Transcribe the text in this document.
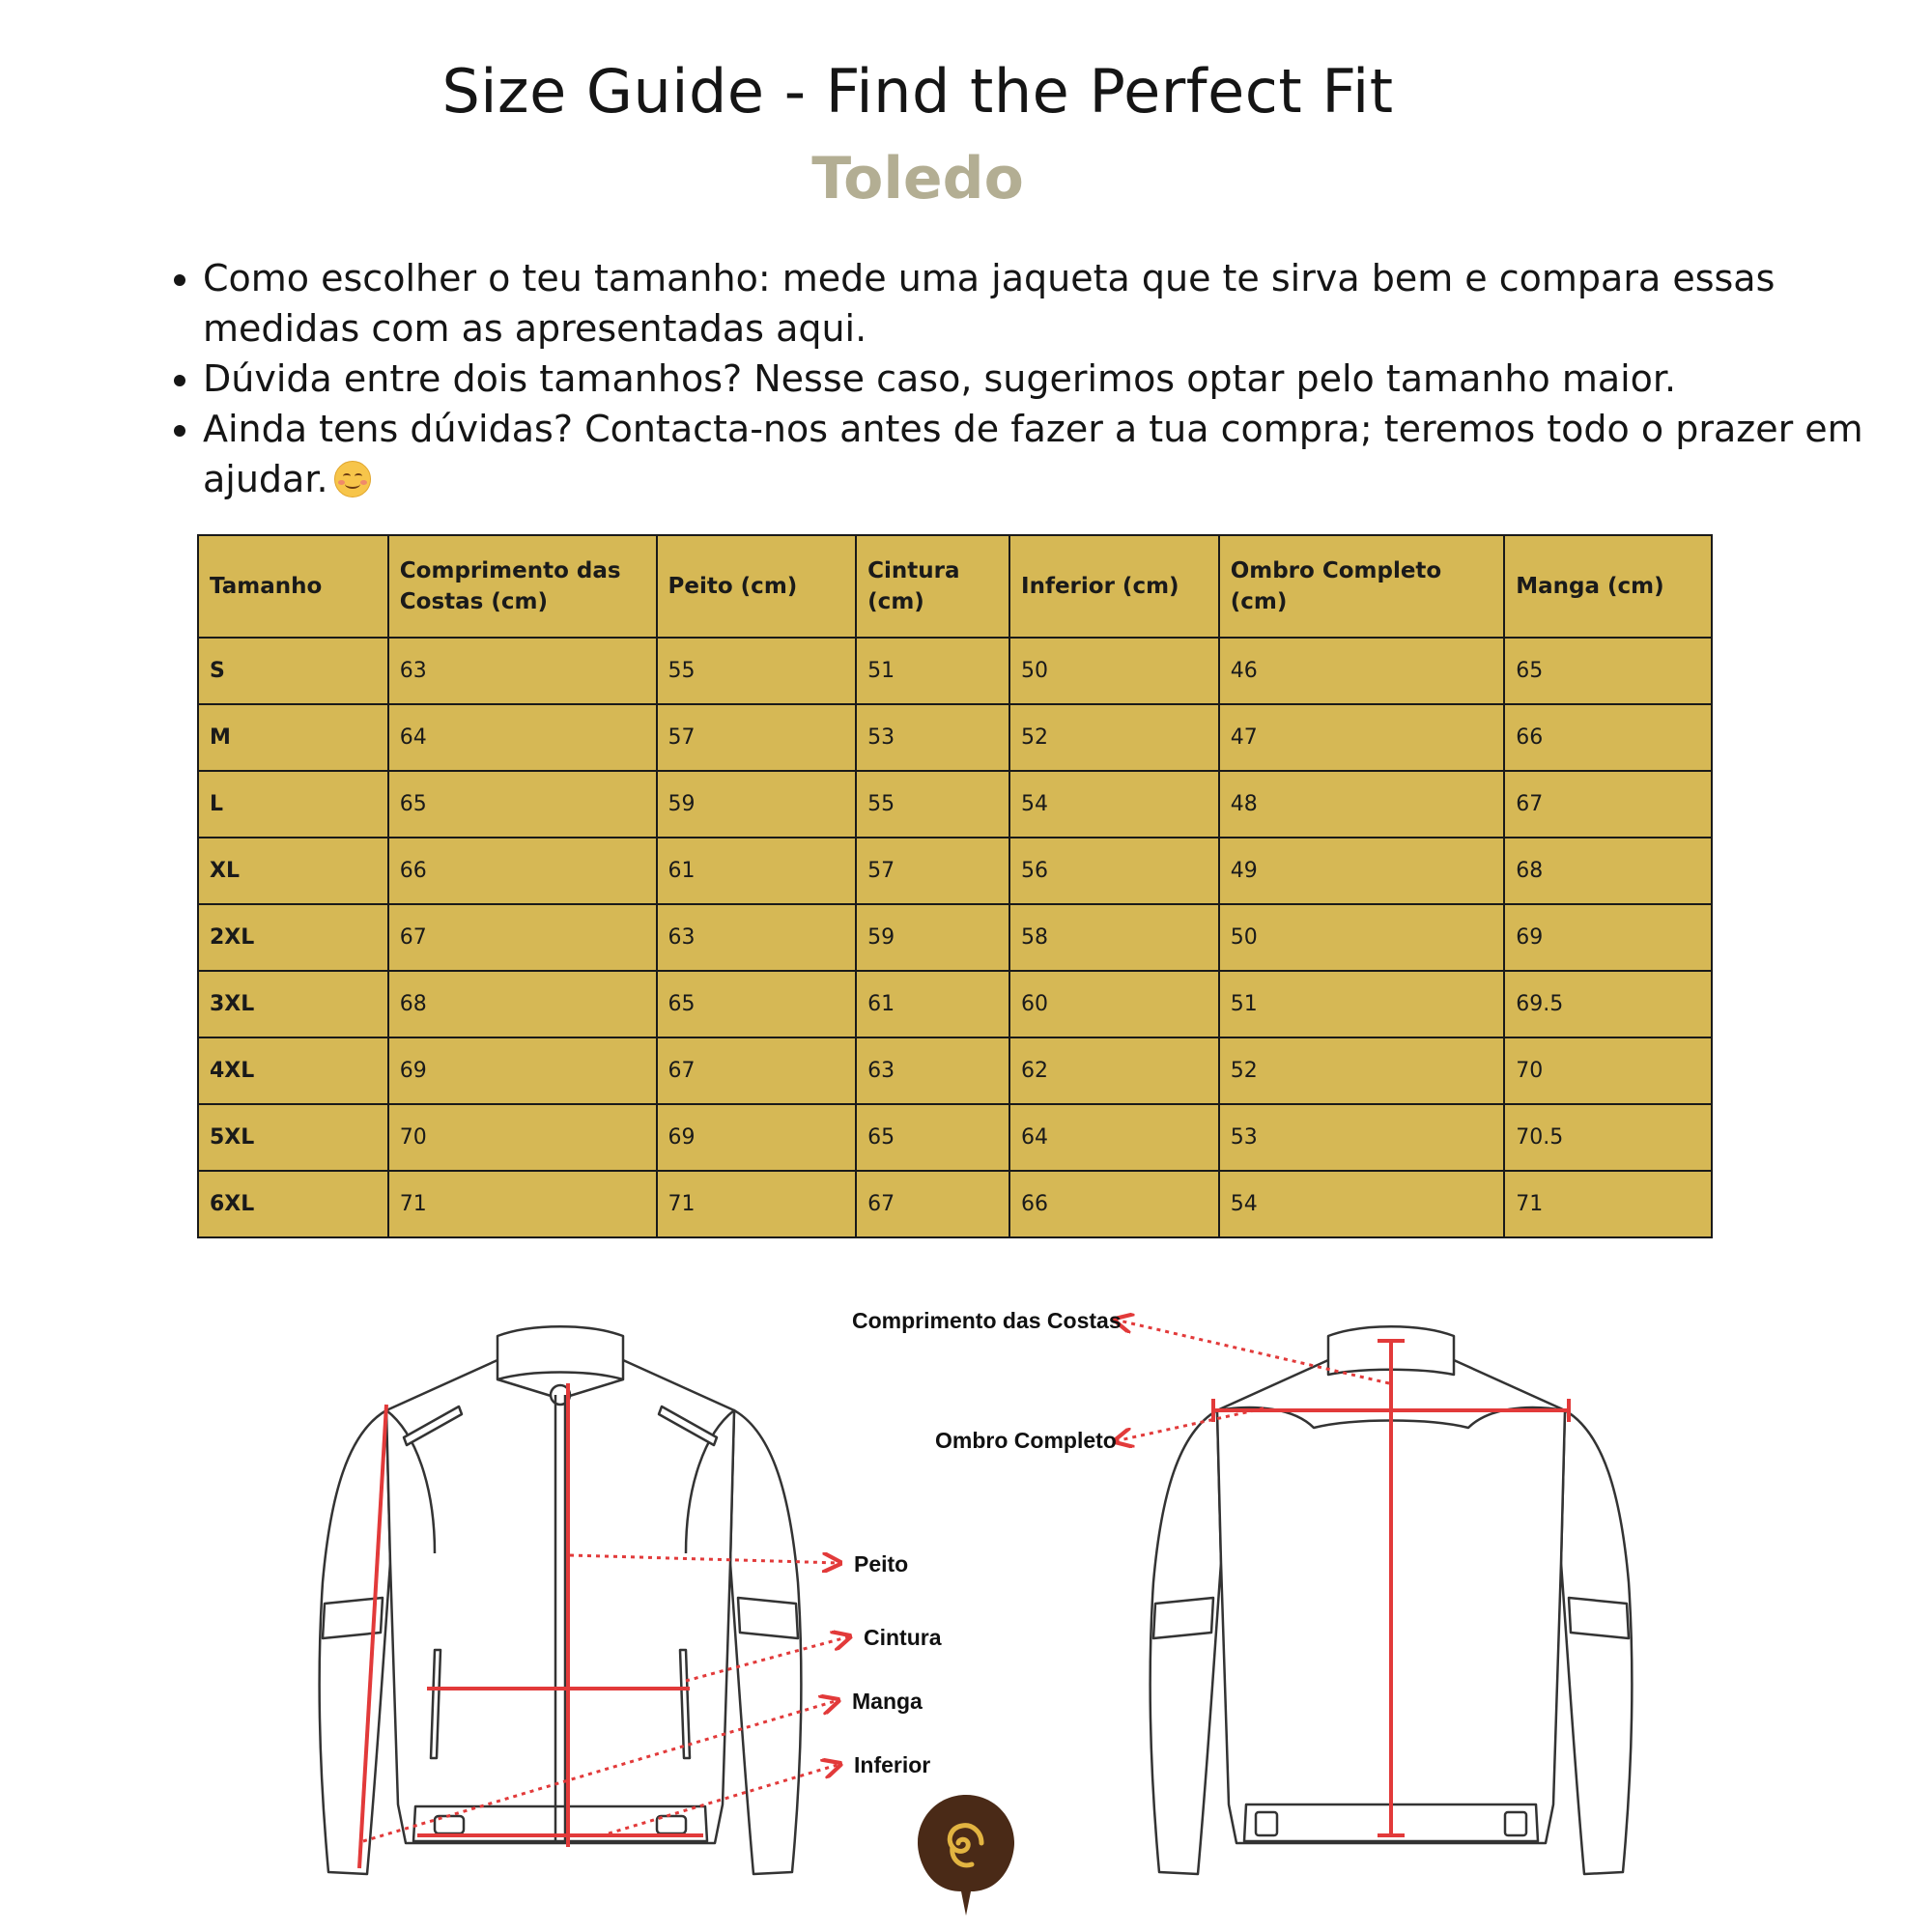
Size Guide - Find the Perfect Fit
Toledo
• Como escolher o teu tamanho: mede uma jaqueta que te sirva bem e compara essas medidas com as apresentadas aqui.
• Dúvida entre dois tamanhos? Nesse caso, sugerimos optar pelo tamanho maior.
• Ainda tens dúvidas? Contacta-nos antes de fazer a tua compra; teremos todo o prazer em ajudar.
Tamanho	Comprimento das Costas (cm)	Peito (cm)	Cintura (cm)	Inferior (cm)	Ombro Completo (cm)	Manga (cm)
S	63	55	51	50	46	65
M	64	57	53	52	47	66
L	65	59	55	54	48	67
XL	66	61	57	56	49	68
2XL	67	63	59	58	50	69
3XL	68	65	61	60	51	69.5
4XL	69	67	63	62	52	70
5XL	70	69	65	64	53	70.5
6XL	71	71	67	66	54	71
Comprimento das Costas
Ombro Completo
Peito
Cintura
Manga
Inferior
